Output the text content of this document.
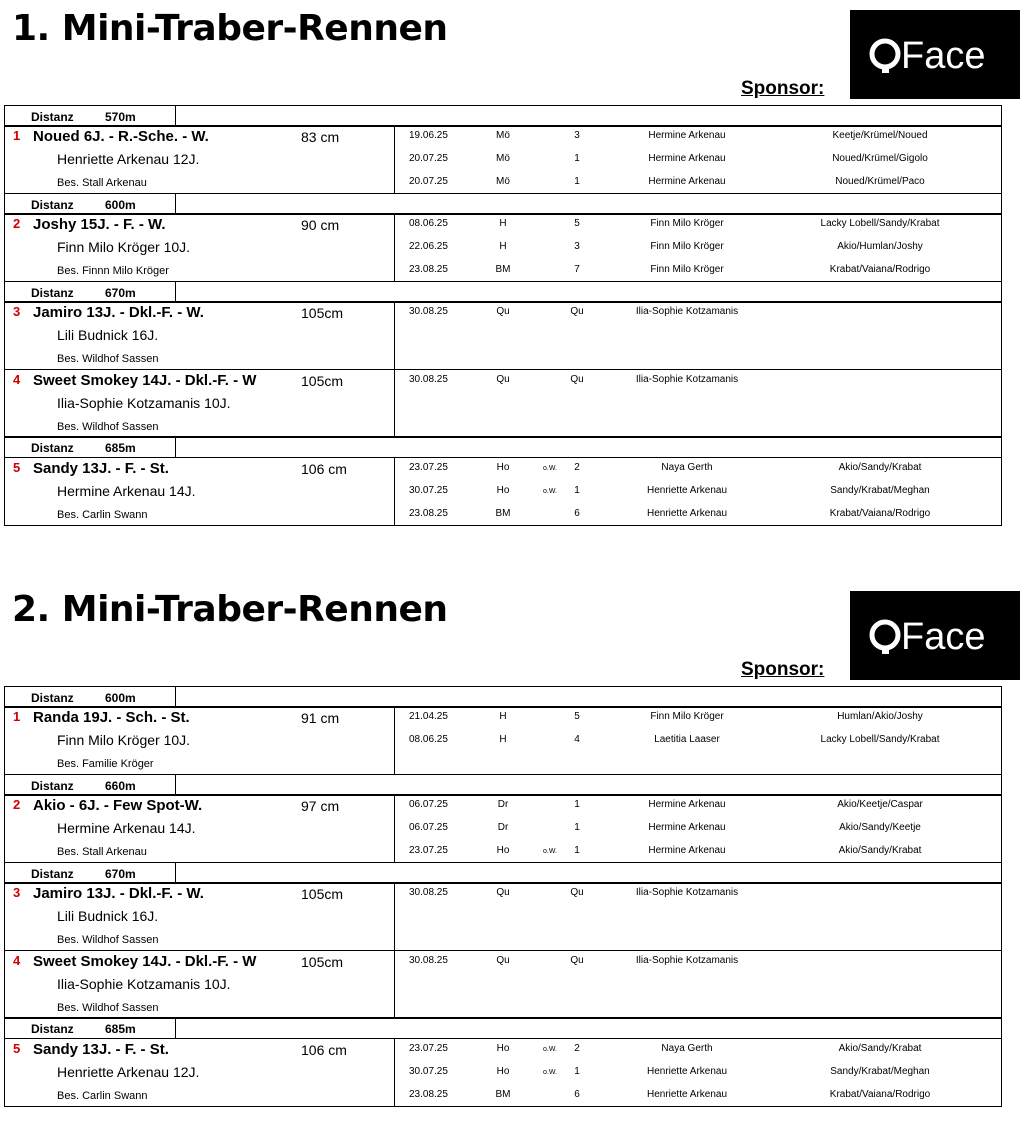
1. Mini-Traber-Rennen
Face
Sponsor:
Distanz	570m
1 Noued 6J. - R.-Sche. - W.
Henriette Arkenau 12J.
Bes. Stall Arkenau
83 cm	19.06.25	Mö	3	Hermine Arkenau	Keetje/Krümel/Noued
20.07.25	Mö	1	Hermine Arkenau	Noued/Krümel/Gigolo
20.07.25	Mö	1	Hermine Arkenau	Noued/Krümel/Paco
Distanz	600m
2 Joshy 15J. - F. - W.
Finn Milo Kröger 10J.
Bes. Finnn Milo Kröger
90 cm	08.06.25	H	5	Finn Milo Kröger	Lacky Lobell/Sandy/Krabat
22.06.25	H	3	Finn Milo Kröger	Akio/Humlan/Joshy
23.08.25	BM	7	Finn Milo Kröger	Krabat/Vaiana/Rodrigo
Distanz	670m
3 Jamiro 13J. - Dkl.-F. - W.
Lili Budnick 16J.
Bes. Wildhof Sassen
105cm	30.08.25	Qu	Qu	Ilia-Sophie Kotzamanis
4 Sweet Smokey 14J. - Dkl.-F. - W
Ilia-Sophie Kotzamanis 10J.
Bes. Wildhof Sassen
105cm	30.08.25	Qu	Qu	Ilia-Sophie Kotzamanis
Distanz	685m
5 Sandy 13J. - F. - St.
Hermine Arkenau 14J.
Bes. Carlin Swann
106 cm	23.07.25	Ho	o.W.	2	Naya Gerth	Akio/Sandy/Krabat
30.07.25	Ho	o.W.	1	Henriette Arkenau	Sandy/Krabat/Meghan
23.08.25	BM	6	Henriette Arkenau	Krabat/Vaiana/Rodrigo
2. Mini-Traber-Rennen
Face
Sponsor:
Distanz	600m
1 Randa 19J. - Sch. - St.
Finn Milo Kröger 10J.
Bes. Familie Kröger
91 cm	21.04.25	H	5	Finn Milo Kröger	Humlan/Akio/Joshy
08.06.25	H	4	Laetitia Laaser	Lacky Lobell/Sandy/Krabat
Distanz	660m
2 Akio - 6J. - Few Spot-W.
Hermine Arkenau 14J.
Bes. Stall Arkenau
97 cm	06.07.25	Dr	1	Hermine Arkenau	Akio/Keetje/Caspar
06.07.25	Dr	1	Hermine Arkenau	Akio/Sandy/Keetje
23.07.25	Ho	o.W.	1	Hermine Arkenau	Akio/Sandy/Krabat
Distanz	670m
3 Jamiro 13J. - Dkl.-F. - W.
Lili Budnick 16J.
Bes. Wildhof Sassen
105cm	30.08.25	Qu	Qu	Ilia-Sophie Kotzamanis
4 Sweet Smokey 14J. - Dkl.-F. - W
Ilia-Sophie Kotzamanis 10J.
Bes. Wildhof Sassen
105cm	30.08.25	Qu	Qu	Ilia-Sophie Kotzamanis
Distanz	685m
5 Sandy 13J. - F. - St.
Henriette Arkenau 12J.
Bes. Carlin Swann
106 cm	23.07.25	Ho	o.W.	2	Naya Gerth	Akio/Sandy/Krabat
30.07.25	Ho	o.W.	1	Henriette Arkenau	Sandy/Krabat/Meghan
23.08.25	BM	6	Henriette Arkenau	Krabat/Vaiana/Rodrigo
